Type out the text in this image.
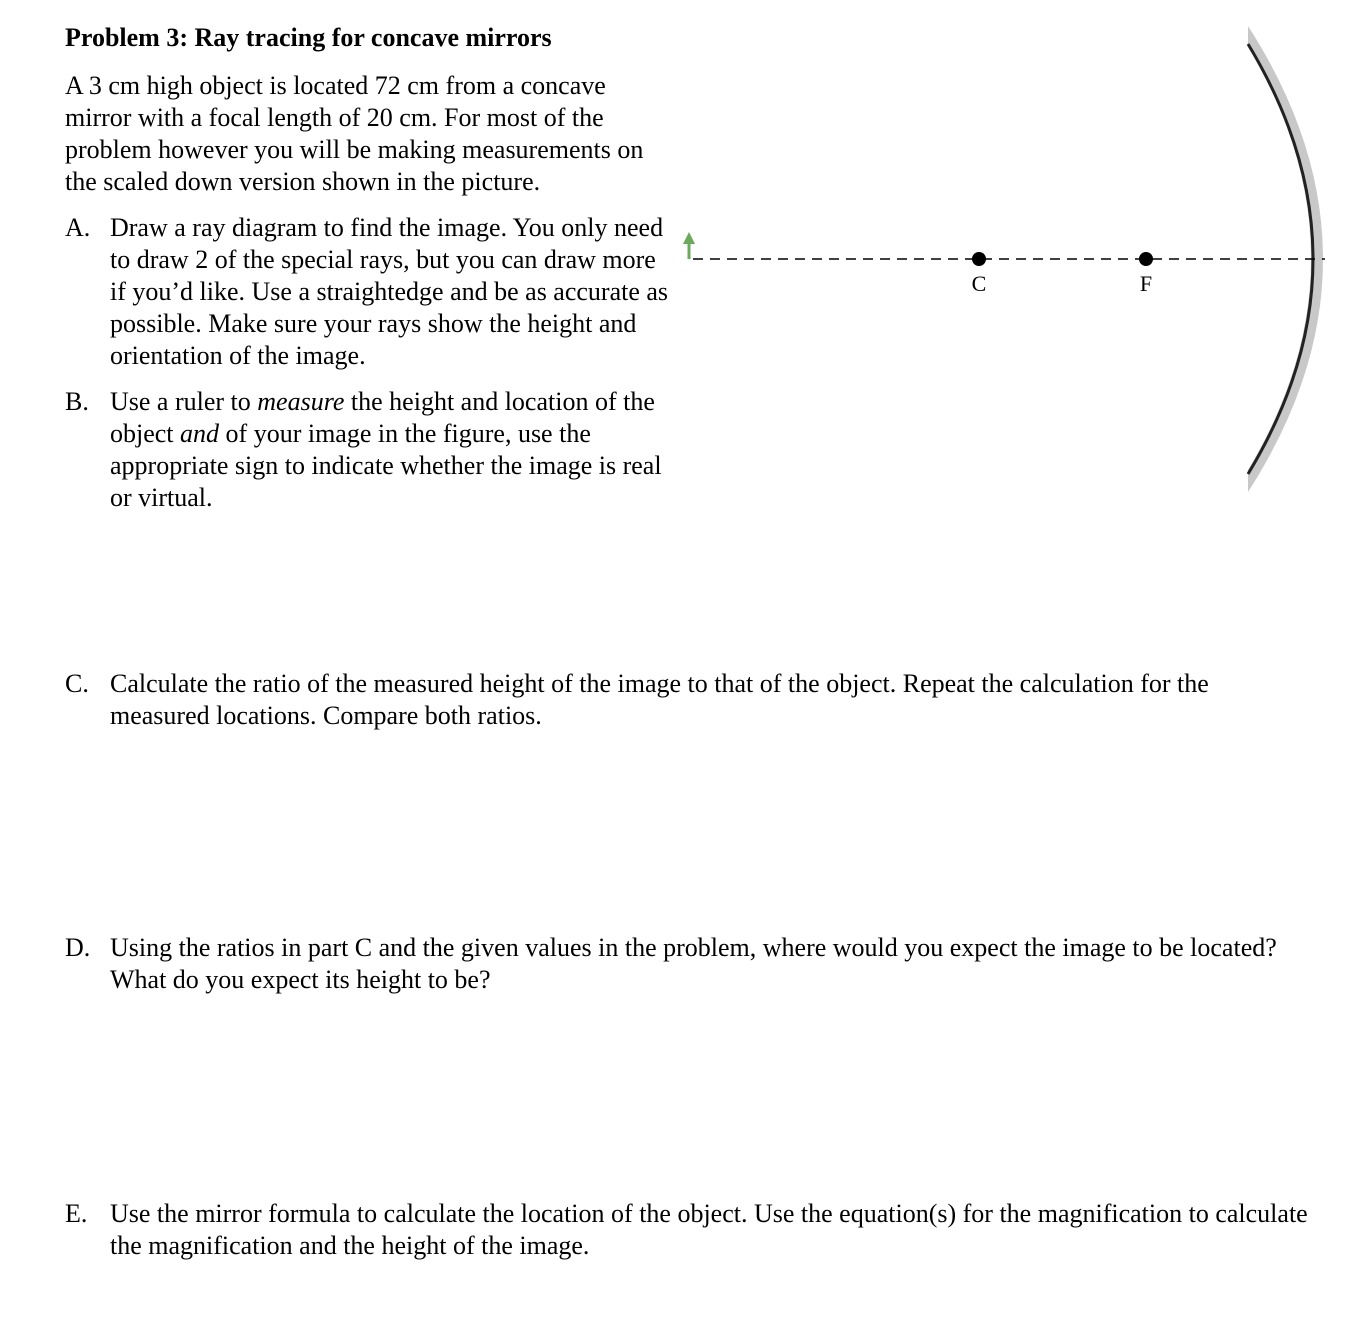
Problem 3: Ray tracing for concave mirrors
A 3 cm high object is located 72 cm from a concave mirror with a focal length of 20 cm. For most of the problem however you will be making measurements on the scaled down version shown in the picture.
A. Draw a ray diagram to find the image. You only need to draw 2 of the special rays, but you can draw more if you’d like. Use a straightedge and be as accurate as possible. Make sure your rays show the height and orientation of the image.
B. Use a ruler to measure the height and location of the object and of your image in the figure, use the appropriate sign to indicate whether the image is real or virtual.
C. Calculate the ratio of the measured height of the image to that of the object. Repeat the calculation for the measured locations. Compare both ratios.
D. Using the ratios in part C and the given values in the problem, where would you expect the image to be located? What do you expect its height to be?
E. Use the mirror formula to calculate the location of the object. Use the equation(s) for the magnification to calculate the magnification and the height of the image.
C	F
